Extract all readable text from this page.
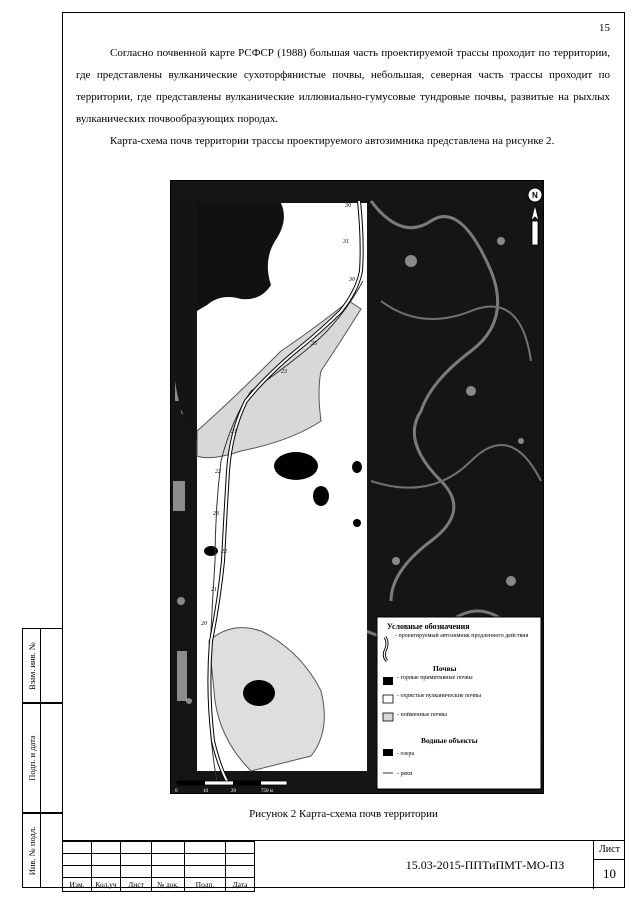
15

Согласно почвенной карте РСФСР (1988) большая часть проектируемой трассы проходит по территории, где представлены вулканические сухоторфянистые почвы, небольшая, северная часть трассы проходит по территории, где представлены вулканические иллювиально-гумусовые тундровые почвы, развитые на рыхлых вулканических почвообразующих породах.

Карта-схема почв территории трассы проектируемого автозимника представлена на рисунке 2.

30
31
30
25
23
21
22
23
22
21
20
N
0	10	20	750 м
Условные обозначения
- проектируемый автозимник продленного действия
Почвы
- горные примитивные почвы
- охристые вулканические почвы
- пойменные почвы
Водные объекты
- озера
- реки
Рисунок 2 Карта-схема почв территории
Взам. инв. №
Подп. и дата
Инв. № подл.

Изм.	Кол.уч	Лист	№ док.	Подп.	Дата
15.03-2015-ППТиПМТ-МО-ПЗ
Лист
10
